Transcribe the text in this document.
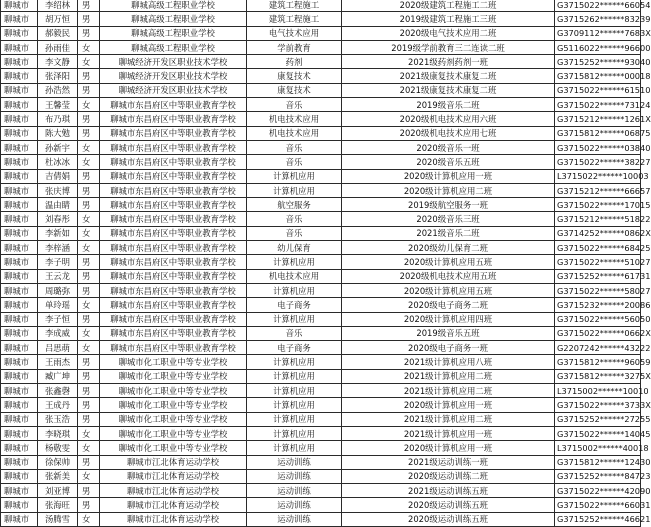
聊城市	李绍林	男	聊城高级工程职业学校	建筑工程施工	2020级建筑工程施工二班	G3715022******66054
聊城市	胡万恒	男	聊城高级工程职业学校	建筑工程施工	2019级建筑工程施工三班	G3715262******83239
聊城市	郝毅民	男	聊城高级工程职业学校	电气技术应用	2020级电气技术应用二班	G3709112******7683X
聊城市	孙雨佳	女	聊城高级工程职业学校	学前教育	2019级学前教育三二连读二班	G5116022******96600
聊城市	李文静	女	聊城经济开发区职业技术学校	药剂	2021级药剂药剂一班	G3715252******93040
聊城市	张泽阳	男	聊城经济开发区职业技术学校	康复技术	2021级康复技术康复二班	G3715812******00018
聊城市	孙浩然	男	聊城经济开发区职业技术学校	康复技术	2021级康复技术康复二班	G3715022******61510
聊城市	王馨莹	女	聊城市东昌府区中等职业教育学校	音乐	2019级音乐二班	G3715022******73124
聊城市	布乃琪	男	聊城市东昌府区中等职业教育学校	机电技术应用	2020级机电技术应用六班	G3715212******1261X
聊城市	陈大勉	男	聊城市东昌府区中等职业教育学校	机电技术应用	2020级机电技术应用七班	G3715812******06875
聊城市	孙新宇	女	聊城市东昌府区中等职业教育学校	音乐	2020级音乐一班	G3715022******03840
聊城市	杜冰冰	女	聊城市东昌府区中等职业教育学校	音乐	2020级音乐五班	G3715022******38227
聊城市	吉倩娟	男	聊城市东昌府区中等职业教育学校	计算机应用	2020级计算机应用一班	L3715022******10003
聊城市	张庆博	男	聊城市东昌府区中等职业教育学校	计算机应用	2020级计算机应用二班	G3715212******66657
聊城市	温由睛	男	聊城市东昌府区中等职业教育学校	航空服务	2019级航空服务一班	G3715022******17015
聊城市	刘春彤	女	聊城市东昌府区中等职业教育学校	音乐	2020级音乐三班	G3715212******51822
聊城市	李新如	女	聊城市东昌府区中等职业教育学校	音乐	2021级音乐二班	G3714252******0862X
聊城市	李梓涵	女	聊城市东昌府区中等职业教育学校	幼儿保育	2020级幼儿保育二班	G3715022******68425
聊城市	李子明	男	聊城市东昌府区中等职业教育学校	计算机应用	2020级计算机应用五班	G3715022******51027
聊城市	王云龙	男	聊城市东昌府区中等职业教育学校	机电技术应用	2020级机电技术应用五班	G3715252******61731
聊城市	周璐弥	男	聊城市东昌府区中等职业教育学校	计算机应用	2020级计算机应用五班	G3715022******58027
聊城市	单玲瑶	女	聊城市东昌府区中等职业教育学校	电子商务	2020级电子商务二班	G3715232******20086
聊城市	李子恒	男	聊城市东昌府区中等职业教育学校	计算机应用	2020级计算机应用四班	G3715022******56050
聊城市	李成威	女	聊城市东昌府区中等职业教育学校	音乐	2019级音乐五班	G3715022******0662X
聊城市	吕思萌	女	聊城市东昌府区中等职业教育学校	电子商务	2020级电子商务一班	G2207242******43222
聊城市	王雨杰	男	聊城市化工职业中等专业学校	计算机应用	2021级计算机应用八班	G3715812******96059
聊城市	臧广坤	男	聊城市化工职业中等专业学校	计算机应用	2021级计算机应用二班	G3715812******3275X
聊城市	张鑫磬	男	聊城市化工职业中等专业学校	计算机应用	2021级计算机应用二班	L3715002******10010
聊城市	王成丹	男	聊城市化工职业中等专业学校	计算机应用	2020级计算机应用一班	G3715022******3733X
聊城市	张玉浩	男	聊城市化工职业中等专业学校	计算机应用	2021级计算机应用二班	G3715252******27255
聊城市	李晓琪	女	聊城市化工职业中等专业学校	计算机应用	2021级计算机应用一班	G3715022******14045
聊城市	杨敬雯	女	聊城市化工职业中等专业学校	计算机应用	2020级计算机应用一班	L3715002******40018
聊城市	徐保帅	男	聊城市江北体育运动学校	运动训练	2021级运动训练一班	G3715812******12430
聊城市	张新美	女	聊城市江北体育运动学校	运动训练	2020级运动训练二班	G3715252******84723
聊城市	刘亚博	男	聊城市江北体育运动学校	运动训练	2021级运动训练五班	G3715022******42090
聊城市	张海旺	男	聊城市江北体育运动学校	运动训练	2020级运动训练五班	G3715022******66031
聊城市	汤腾雪	女	聊城市江北体育运动学校	运动训练	2020级运动训练五班	G3715252******46621
